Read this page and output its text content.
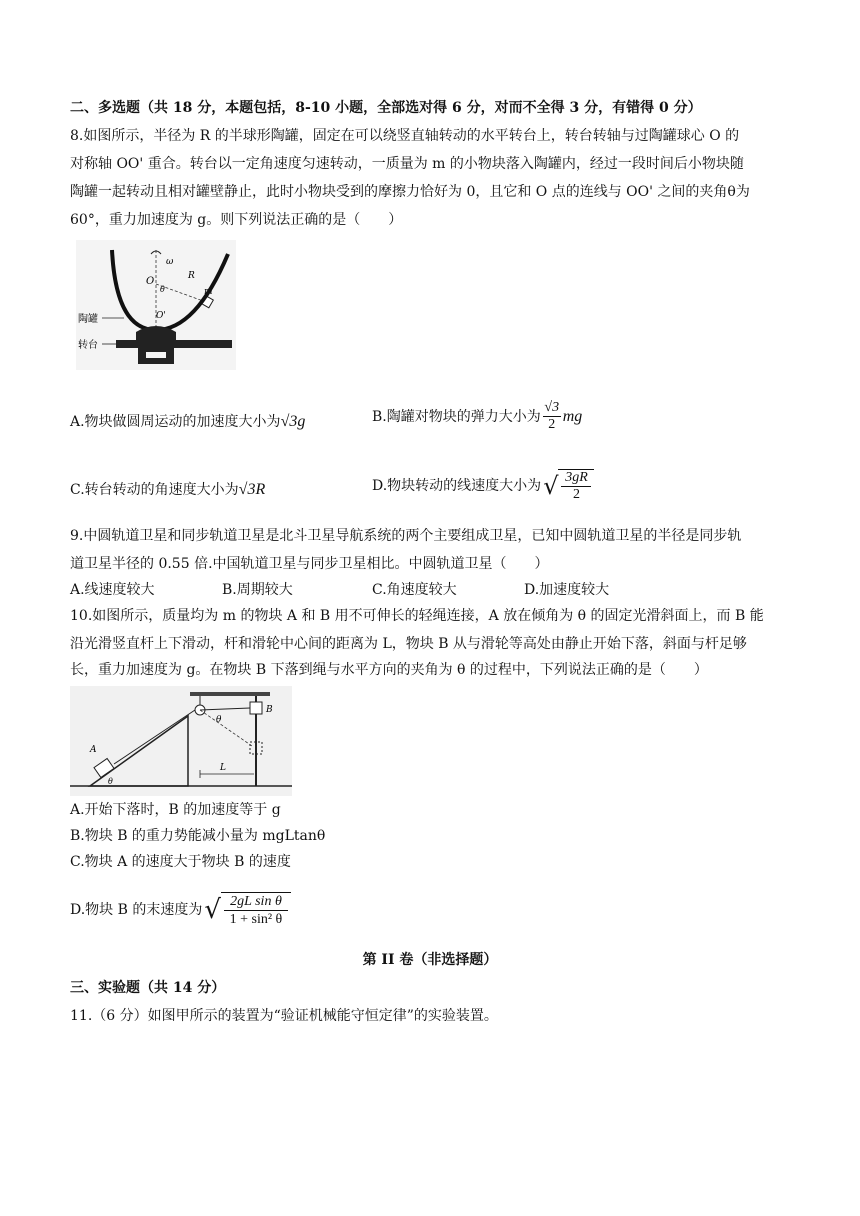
二、多选题（共 18 分，本题包括，8-10 小题，全部选对得 6 分，对而不全得 3 分，有错得 0 分）
8.如图所示，半径为 R 的半球形陶罐，固定在可以绕竖直轴转动的水平转台上，转台转轴与过陶罐球心 O 的
对称轴 OO' 重合。转台以一定角速度匀速转动，一质量为 m 的小物块落入陶罐内，经过一段时间后小物块随
陶罐一起转动且相对罐壁静止，此时小物块受到的摩擦力恰好为 0，且它和 O 点的连线与 OO' 之间的夹角θ为
60°，重力加速度为 g。则下列说法正确的是（　　）
ω
O	R
θ	m
O'
陶罐
转台
A.物块做圆周运动的加速度大小为√3g	B.陶罐对物块的弹力大小为
√3
2 mg
C.转台转动的角速度大小为√3R	D.物块转动的线速度大小为 √ 3gR
2
9.中圆轨道卫星和同步轨道卫星是北斗卫星导航系统的两个主要组成卫星，已知中圆轨道卫星的半径是同步轨
道卫星半径的 0.55 倍.中国轨道卫星与同步卫星相比。中圆轨道卫星（　　）
A.线速度较大	B.周期较大	C.角速度较大	D.加速度较大
10.如图所示，质量均为 m 的物块 A 和 B 用不可伸长的轻绳连接，A 放在倾角为 θ 的固定光滑斜面上，而 B 能
沿光滑竖直杆上下滑动，杆和滑轮中心间的距离为 L，物块 B 从与滑轮等高处由静止开始下落，斜面与杆足够
长，重力加速度为 g。在物块 B 下落到绳与水平方向的夹角为 θ 的过程中，下列说法正确的是（　　）
B
θ
A
θ
L
A.开始下落时，B 的加速度等于 g
B.物块 B 的重力势能减小量为 mgLtanθ
C.物块 A 的速度大于物块 B 的速度
D.物块 B 的末速度为 √ 2gL sin θ
1 + sin² θ
第 II 卷（非选择题）
三、实验题（共 14 分）
11.（6 分）如图甲所示的装置为“验证机械能守恒定律”的实验装置。
